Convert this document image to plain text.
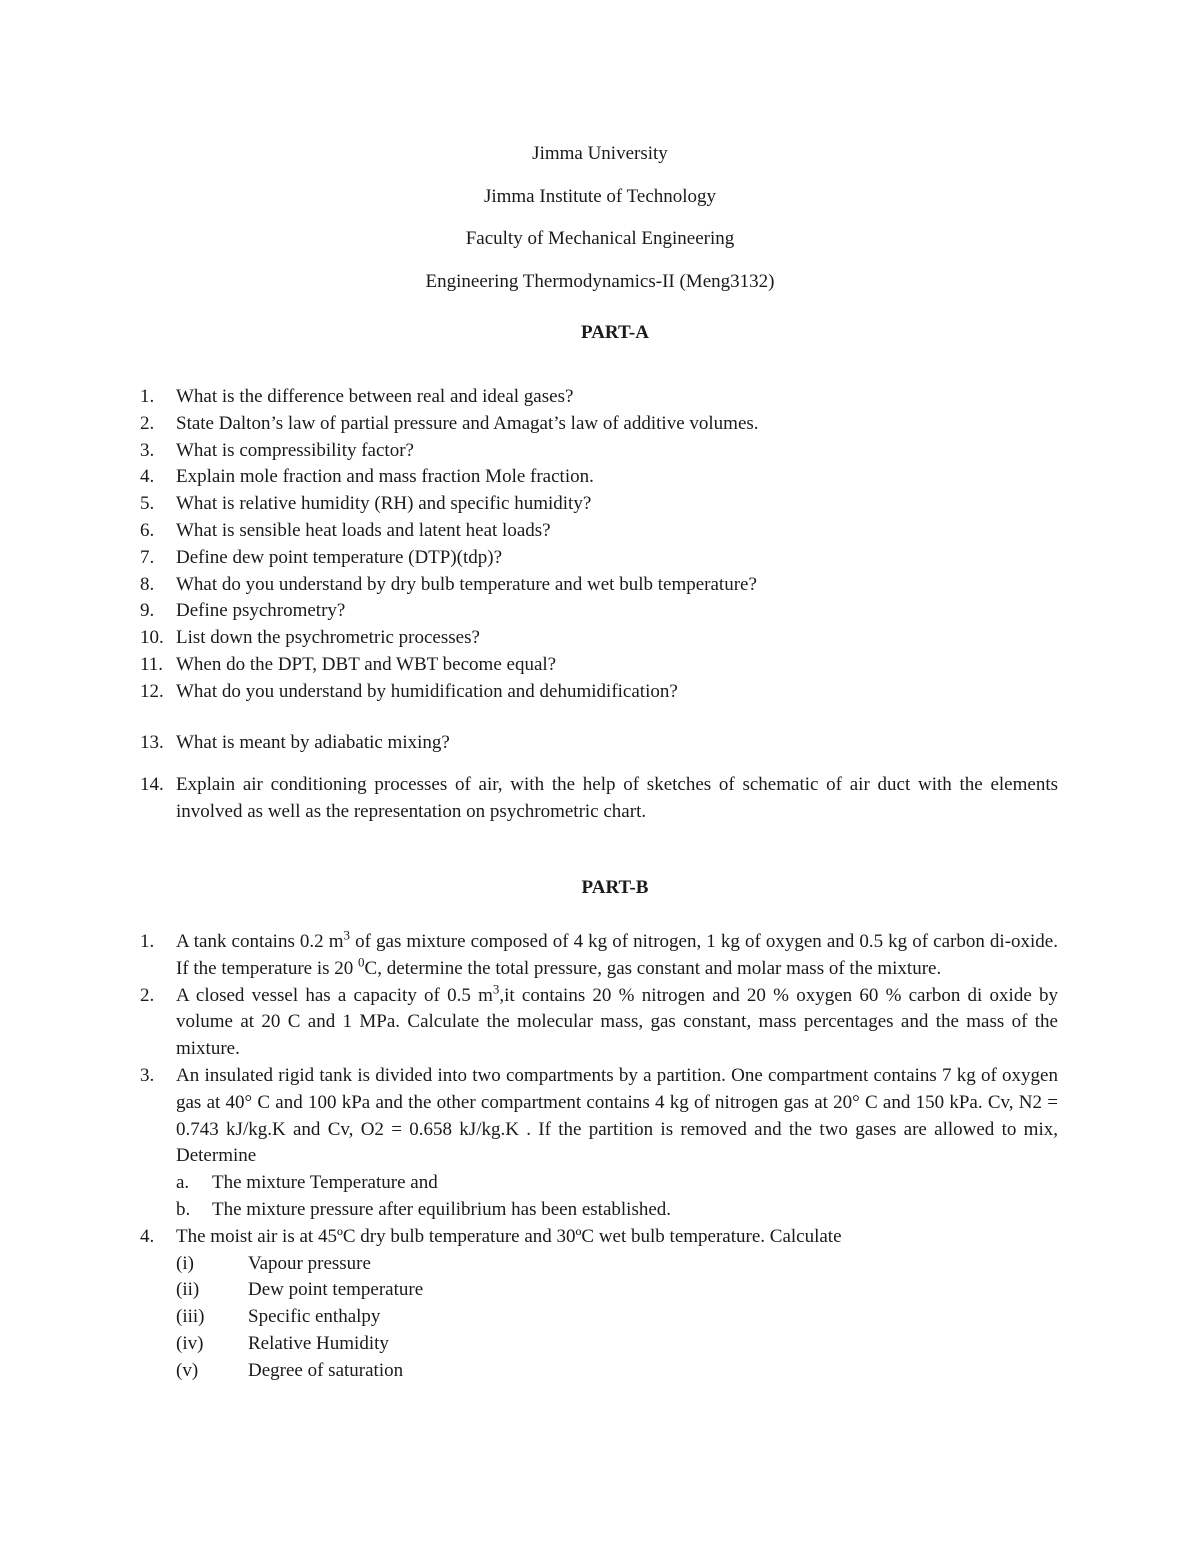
Jimma University

Jimma Institute of Technology

Faculty of Mechanical Engineering

Engineering Thermodynamics-II (Meng3132)

PART-A

1.	What is the difference between real and ideal gases?
2.	State Dalton’s law of partial pressure and Amagat’s law of additive volumes.
3.	What is compressibility factor?
4.	Explain mole fraction and mass fraction Mole fraction.
5.	What is relative humidity (RH) and specific humidity?
6.	What is sensible heat loads and latent heat loads?
7.	Define dew point temperature (DTP)(tdp)?
8.	What do you understand by dry bulb temperature and wet bulb temperature?
9.	Define psychrometry?
10. List down the psychrometric processes?
11. When do the DPT, DBT and WBT become equal?
12. What do you understand by humidification and dehumidification?
13. What is meant by adiabatic mixing?
14. Explain air conditioning processes of air, with the help of sketches of schematic of air duct with the elements involved as well as the representation on psychrometric chart.

PART-B

1.	A tank contains 0.2 $m^3$ of gas mixture composed of 4 kg of nitrogen, 1 kg of oxygen and 0.5 kg of carbon di-oxide. If the temperature is 20 $^0$C, determine the total pressure, gas constant and molar mass of the mixture.
2.	A closed vessel has a capacity of 0.5 $m^3,it$ contains 20 % nitrogen and 20 % oxygen 60 % carbon di oxide by volume at 20 C and 1 MPa. Calculate the molecular mass, gas constant, mass percentages and the mass of the mixture.
3.	An insulated rigid tank is divided into two compartments by a partition. One compartment contains 7 kg of oxygen gas at 40° C and 100 kPa and the other compartment contains 4 kg of nitrogen gas at 20° C and 150 kPa. Cv, N2 = 0.743 kJ/kg.K and Cv, O2 = 0.658 kJ/kg.K . If the partition is removed and the two gases are allowed to mix, Determine
a. The mixture Temperature and
b. The mixture pressure after equilibrium has been established.
4.	The moist air is at 45ºC dry bulb temperature and 30ºC wet bulb temperature. Calculate
(i)	Vapour pressure
(ii)	Dew point temperature
(iii) Specific enthalpy
(iv) Relative Humidity
(v)	Degree of saturation
